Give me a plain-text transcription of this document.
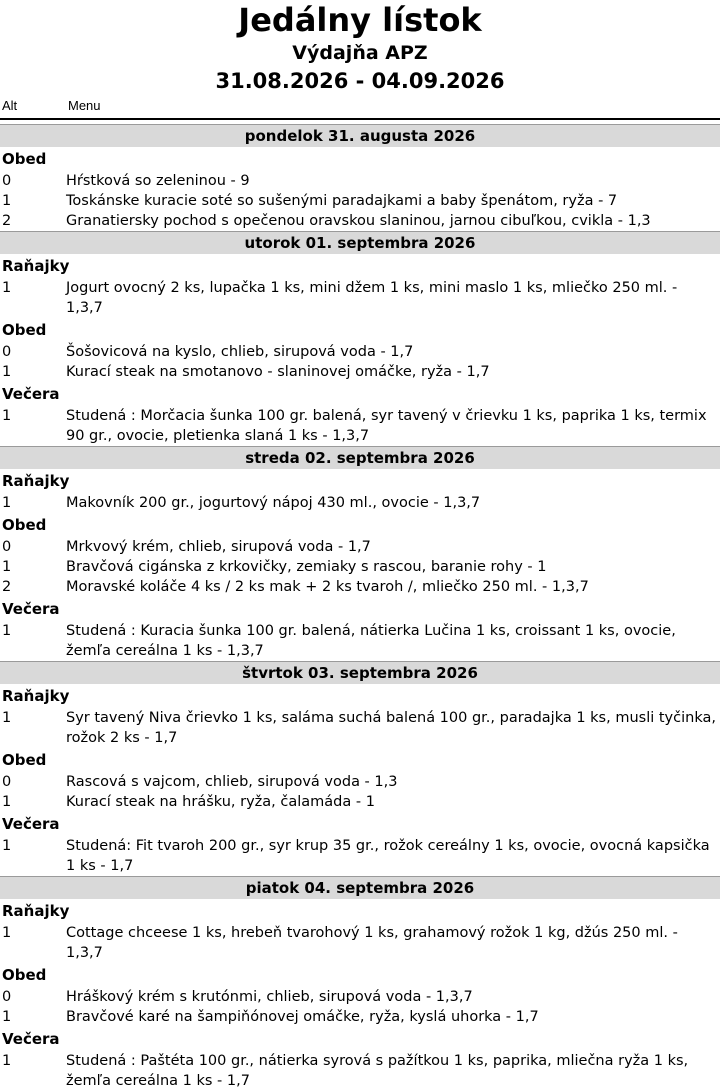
Jedálny lístok
Výdajňa APZ
31.08.2026 - 04.09.2026
Alt	Menu
pondelok 31. augusta 2026
Obed
0	Hŕstková so zeleninou - 9
1	Toskánske kuracie soté so sušenými paradajkami a baby špenátom, ryža - 7
2	Granatiersky pochod s opečenou oravskou slaninou, jarnou cibuľkou, cvikla - 1,3
utorok 01. septembra 2026
Raňajky
1	Jogurt ovocný 2 ks, lupačka 1 ks, mini džem 1 ks, mini maslo 1 ks, mliečko 250 ml. - 1,3,7
Obed
0	Šošovicová na kyslo, chlieb, sirupová voda - 1,7
1	Kurací steak na smotanovo - slaninovej omáčke, ryža - 1,7
Večera
1	Studená : Morčacia šunka 100 gr. balená, syr tavený v črievku 1 ks, paprika 1 ks, termix 90 gr., ovocie, pletienka slaná 1 ks - 1,3,7
streda 02. septembra 2026
Raňajky
1	Makovník 200 gr., jogurtový nápoj 430 ml., ovocie - 1,3,7
Obed
0	Mrkvový krém, chlieb, sirupová voda - 1,7
1	Bravčová cigánska z krkovičky, zemiaky s rascou, baranie rohy - 1
2	Moravské koláče 4 ks / 2 ks mak + 2 ks tvaroh /, mliečko 250 ml. - 1,3,7
Večera
1	Studená : Kuracia šunka 100 gr. balená, nátierka Lučina 1 ks, croissant 1 ks, ovocie, žemľa cereálna 1 ks - 1,3,7
štvrtok 03. septembra 2026
Raňajky
1	Syr tavený Niva črievko 1 ks, saláma suchá balená 100 gr., paradajka 1 ks, musli tyčinka, rožok 2 ks - 1,7
Obed
0	Rascová s vajcom, chlieb, sirupová voda - 1,3
1	Kurací steak na hrášku, ryža, čalamáda - 1
Večera
1	Studená: Fit tvaroh 200 gr., syr krup 35 gr., rožok cereálny 1 ks, ovocie, ovocná kapsička 1 ks - 1,7
piatok 04. septembra 2026
Raňajky
1	Cottage chceese 1 ks, hrebeň tvarohový 1 ks, grahamový rožok 1 kg, džús 250 ml. - 1,3,7
Obed
0	Hráškový krém s krutónmi, chlieb, sirupová voda - 1,3,7
1	Bravčové karé na šampiňónovej omáčke, ryža, kyslá uhorka - 1,7
Večera
1	Studená : Paštéta 100 gr., nátierka syrová s pažítkou 1 ks, paprika, mliečna ryža 1 ks, žemľa cereálna 1 ks - 1,7
